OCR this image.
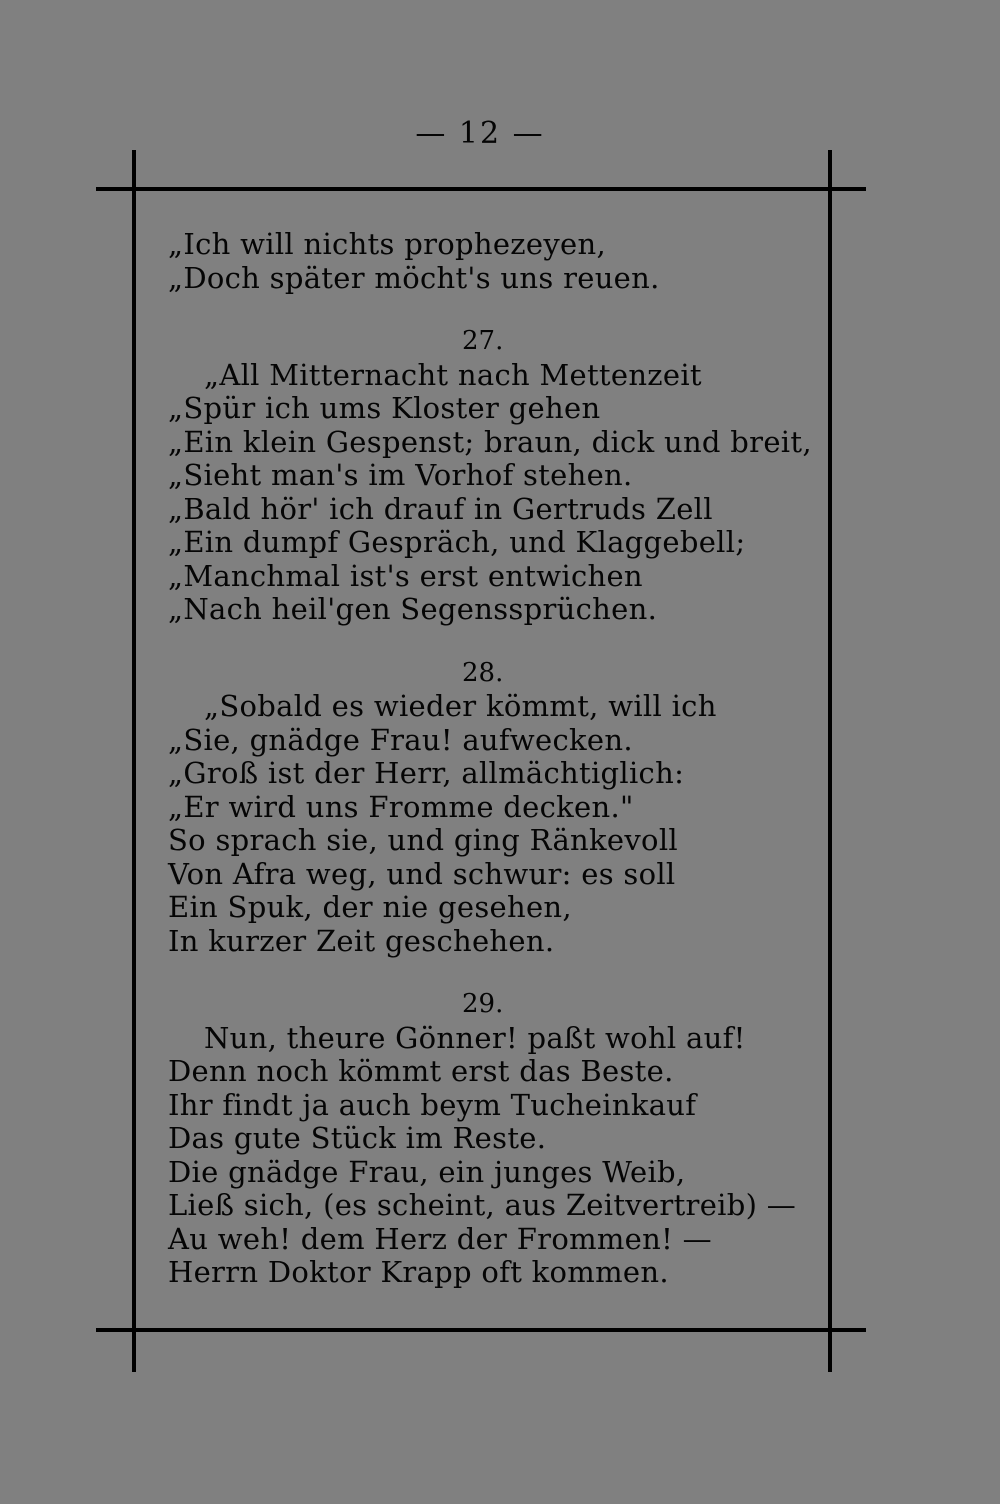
— 12 —
„Ich will nichts prophezeyen,
„Doch später möcht's uns reuen.
27.
„All Mitternacht nach Mettenzeit
„Spür ich ums Kloster gehen
„Ein klein Gespenst; braun, dick und breit,
„Sieht man's im Vorhof stehen.
„Bald hör' ich drauf in Gertruds Zell
„Ein dumpf Gespräch, und Klaggebell;
„Manchmal ist's erst entwichen
„Nach heil'gen Segenssprüchen.
28.
„Sobald es wieder kömmt, will ich
„Sie, gnädge Frau! aufwecken.
„Groß ist der Herr, allmächtiglich:
„Er wird uns Fromme decken."
So sprach sie, und ging Ränkevoll
Von Afra weg, und schwur: es soll
Ein Spuk, der nie gesehen,
In kurzer Zeit geschehen.
29.
Nun, theure Gönner! paßt wohl auf!
Denn noch kömmt erst das Beste.
Ihr findt ja auch beym Tucheinkauf
Das gute Stück im Reste.
Die gnädge Frau, ein junges Weib,
Ließ sich, (es scheint, aus Zeitvertreib) —
Au weh! dem Herz der Frommen! —
Herrn Doktor Krapp oft kommen.
